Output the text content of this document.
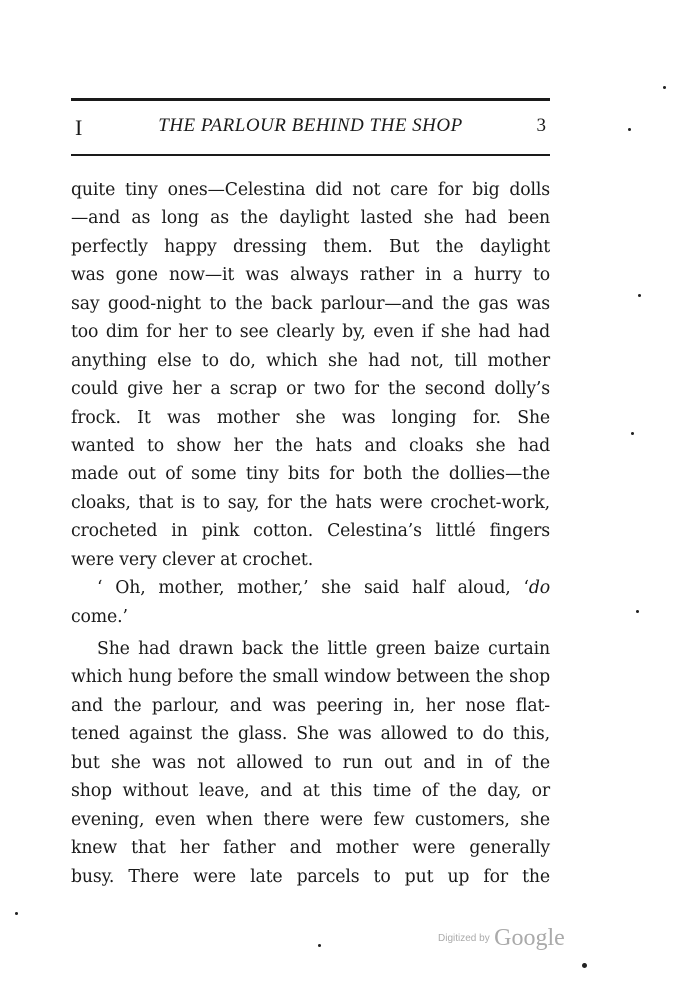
I	THE PARLOUR BEHIND THE SHOP	3
quite tiny ones—Celestina did not care for big dolls
—and as long as the daylight lasted she had been
perfectly happy dressing them. But the daylight
was gone now—it was always rather in a hurry to
say good-night to the back parlour—and the gas was
too dim for her to see clearly by, even if she had had
anything else to do, which she had not, till mother
could give her a scrap or two for the second dolly’s
frock. It was mother she was longing for. She
wanted to show her the hats and cloaks she had
made out of some tiny bits for both the dollies—the
cloaks, that is to say, for the hats were crochet-work,
crocheted in pink cotton. Celestina’s littlé fingers
were very clever at crochet.
‘ Oh, mother, mother,’ she said half aloud, ‘do
come.’
She had drawn back the little green baize curtain
which hung before the small window between the shop
and the parlour, and was peering in, her nose flat-
tened against the glass. She was allowed to do this,
but she was not allowed to run out and in of the
shop without leave, and at this time of the day, or
evening, even when there were few customers, she
knew that her father and mother were generally
busy. There were late parcels to put up for the
Digitized by Google
